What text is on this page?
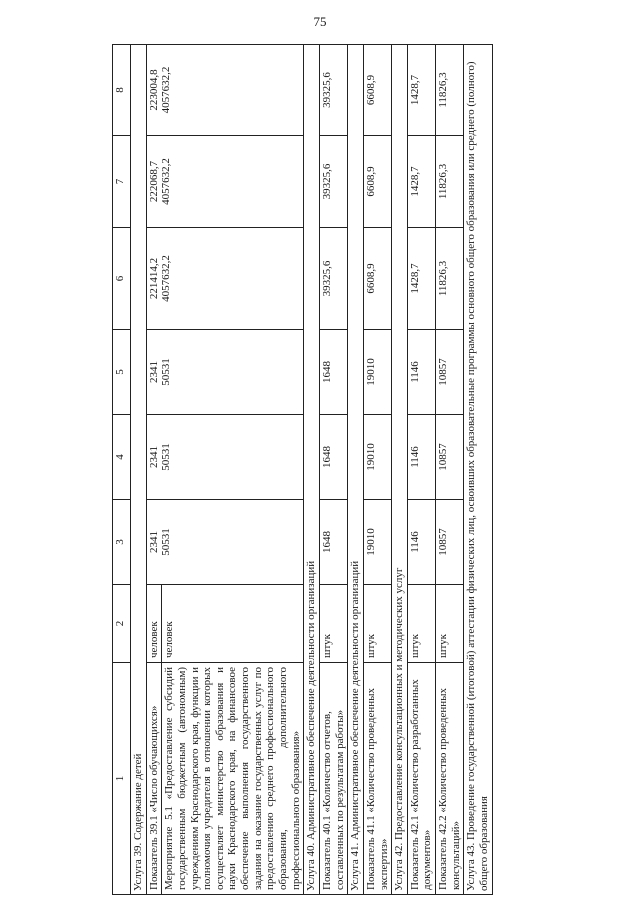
75
1	2	3	4	5	6	7	8
Услуга 39. Содержание детей							
Показатель 39.1 «Число обучающихся»	человек	2341 50531	2341 50531	2341 50531	221414,2 4057632,2	222068,7 4057632,2	223004,8 4057632,2

Мероприятие 5.1 «Предоставление субсидий государственным бюджетным (автономным) учреждениям Краснодарского края, функции и полномочия учредителя в отношении которых осуществляет министерство образования и науки Краснодарского края, на финансовое обеспечение выполнения государственного задания на оказание государственных услуг по предоставлению среднего профессионального образования, дополнительного профессионального образования»	человек						
Услуга 40. Административное обеспечение деятельности организаций							
Показатель 40.1 «Количество отчетов, составленных по результатам работы»	штук	1648	1648	1648	39325,6	39325,6	39325,6
Услуга 41. Административное обеспечение деятельности организаций							
Показатель 41.1 «Количество проведенных экспертиз»	штук	19010	19010	19010	6608,9	6608,9	6608,9
Услуга 42. Предоставление консультационных и методических услуг							
Показатель 42.1 «Количество разработанных документов»	штук	1146	1146	1146	1428,7	1428,7	1428,7
Показатель 42.2 «Количество проведенных консультаций»	штук	10857	10857	10857	11826,3	11826,3	11826,3
Услуга 43. Проведение государственной (итоговой) аттестации физических лиц, освоивших образовательные программы основного общего образования или среднего (полного) общего образования							
